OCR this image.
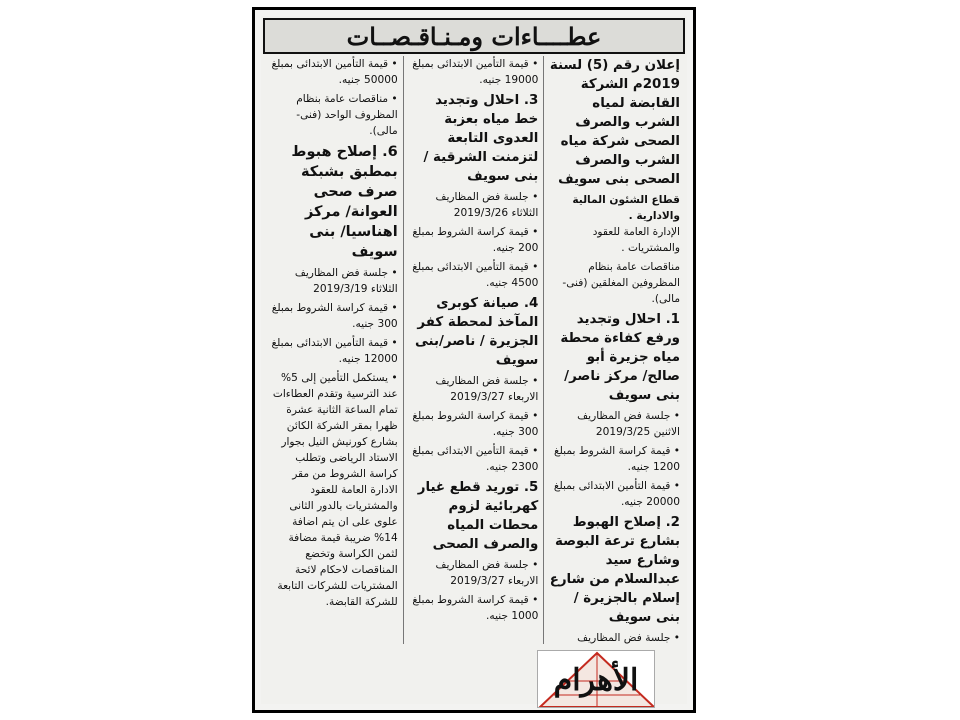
عطــــاءات ومـنـاقـصــات
إعلان رقم (5) لسنة 2019م الشركة القابضة لمياه الشرب والصرف الصحى شركة مياه الشرب والصرف الصحى بنى سويف
قطاع الشئون المالية والادارية .
الإدارة العامة للعقود والمشتريات .
مناقصات عامة بنظام المظروفين المغلقين (فنى- مالى).
1. احلال وتجديد ورفع كفاءة محطة مياه جزيرة أبو صالح/ مركز ناصر/ بنى سويف
• جلسة فض المظاريف الاثنين 2019/3/25
• قيمة كراسة الشروط بمبلغ 1200 جنيه.
• قيمة التأمين الابتدائى بمبلغ 20000 جنيه.
2. إصلاح الهبوط بشارع ترعة البوصة وشارع سيد عبدالسلام من شارع إسلام بالجزيرة / بنى سويف
• جلسة فض المظاريف
• قيمة التأمين الابتدائى بمبلغ 19000 جنيه.
3. احلال وتجديد خط مياه بعزبة العدوى التابعة لتزمنت الشرقية / بنى سويف
• جلسة فض المظاريف الثلاثاء 2019/3/26
• قيمة كراسة الشروط بمبلغ 200 جنيه.
• قيمة التأمين الابتدائى بمبلغ 4500 جنيه.
4. صيانة كوبرى المآخذ لمحطة كفر الجزيرة / ناصر/بنى سويف
• جلسة فض المظاريف الاربعاء 2019/3/27
• قيمة كراسة الشروط بمبلغ 300 جنيه.
• قيمة التأمين الابتدائى بمبلغ 2300 جنيه.
5. توريد قطع غيار كهربائية لزوم محطات المياه والصرف الصحى
• جلسة فض المظاريف الاربعاء 2019/3/27
• قيمة كراسة الشروط بمبلغ 1000 جنيه.
• قيمة التأمين الابتدائى بمبلغ 50000 جنيه.
• مناقصات عامة بنظام المظروف الواحد (فنى- مالى).
6. إصلاح هبوط بمطبق بشبكة صرف صحى العوانة/ مركز اهناسيا/ بنى سويف
• جلسة فض المظاريف الثلاثاء 2019/3/19
• قيمة كراسة الشروط بمبلغ 300 جنيه.
• قيمة التأمين الابتدائى بمبلغ 12000 جنيه.
• يستكمل التأمين إلى 5% عند الترسية وتقدم العطاءات تمام الساعة الثانية عشرة ظهرا بمقر الشركة الكائن بشارع كورنيش النيل بجوار الاستاد الرياضى وتطلب كراسة الشروط من مقر الادارة العامة للعقود والمشتريات بالدور الثانى علوى على ان يتم اضافة 14% ضريبة قيمة مضافة لثمن الكراسة وتخضع المناقصات لاحكام لائحة المشتريات للشركات التابعة للشركة القابضة.
الأهرام
